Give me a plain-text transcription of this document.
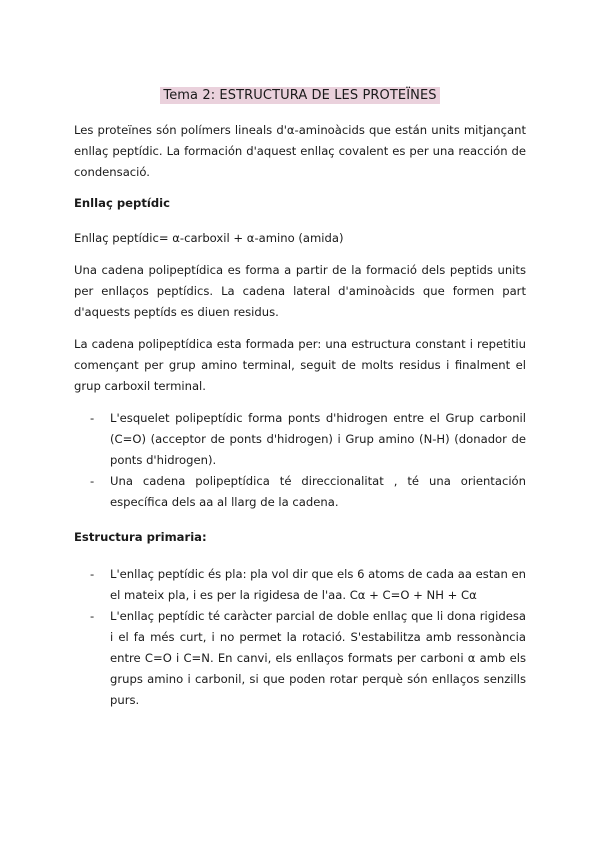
Tema 2: ESTRUCTURA DE LES PROTEÏNES
Les proteïnes són polímers lineals d'α-aminoàcids que están units mitjançant enllaç peptídic. La formación d'aquest enllaç covalent es per una reacción de condensació.
Enllaç peptídic
Enllaç peptídic= α-carboxil + α-amino (amida)
Una cadena polipeptídica es forma a partir de la formació dels peptids units per enllaços peptídics. La cadena lateral d'aminoàcids que formen part d'aquests peptíds es diuen residus.
La cadena polipeptídica esta formada per: una estructura constant i repetitiu començant per grup amino terminal, seguit de molts residus i finalment el grup carboxil terminal.
- L'esquelet polipeptídic forma ponts d'hidrogen entre el Grup carbonil (C=O) (acceptor de ponts d'hidrogen) i Grup amino (N-H) (donador de ponts d'hidrogen).
- Una cadena polipeptídica té direccionalitat , té una orientación específica dels aa al llarg de la cadena.
Estructura primaria:
- L'enllaç peptídic és pla: pla vol dir que els 6 atoms de cada aa estan en el mateix pla, i es per la rigidesa de l'aa. Cα + C=O + NH + Cα
- L'enllaç peptídic té caràcter parcial de doble enllaç que li dona rigidesa i el fa més curt, i no permet la rotació. S'estabilitza amb ressonància entre C=O i C=N. En canvi, els enllaços formats per carboni α amb els grups amino i carbonil, si que poden rotar perquè són enllaços senzills purs.
